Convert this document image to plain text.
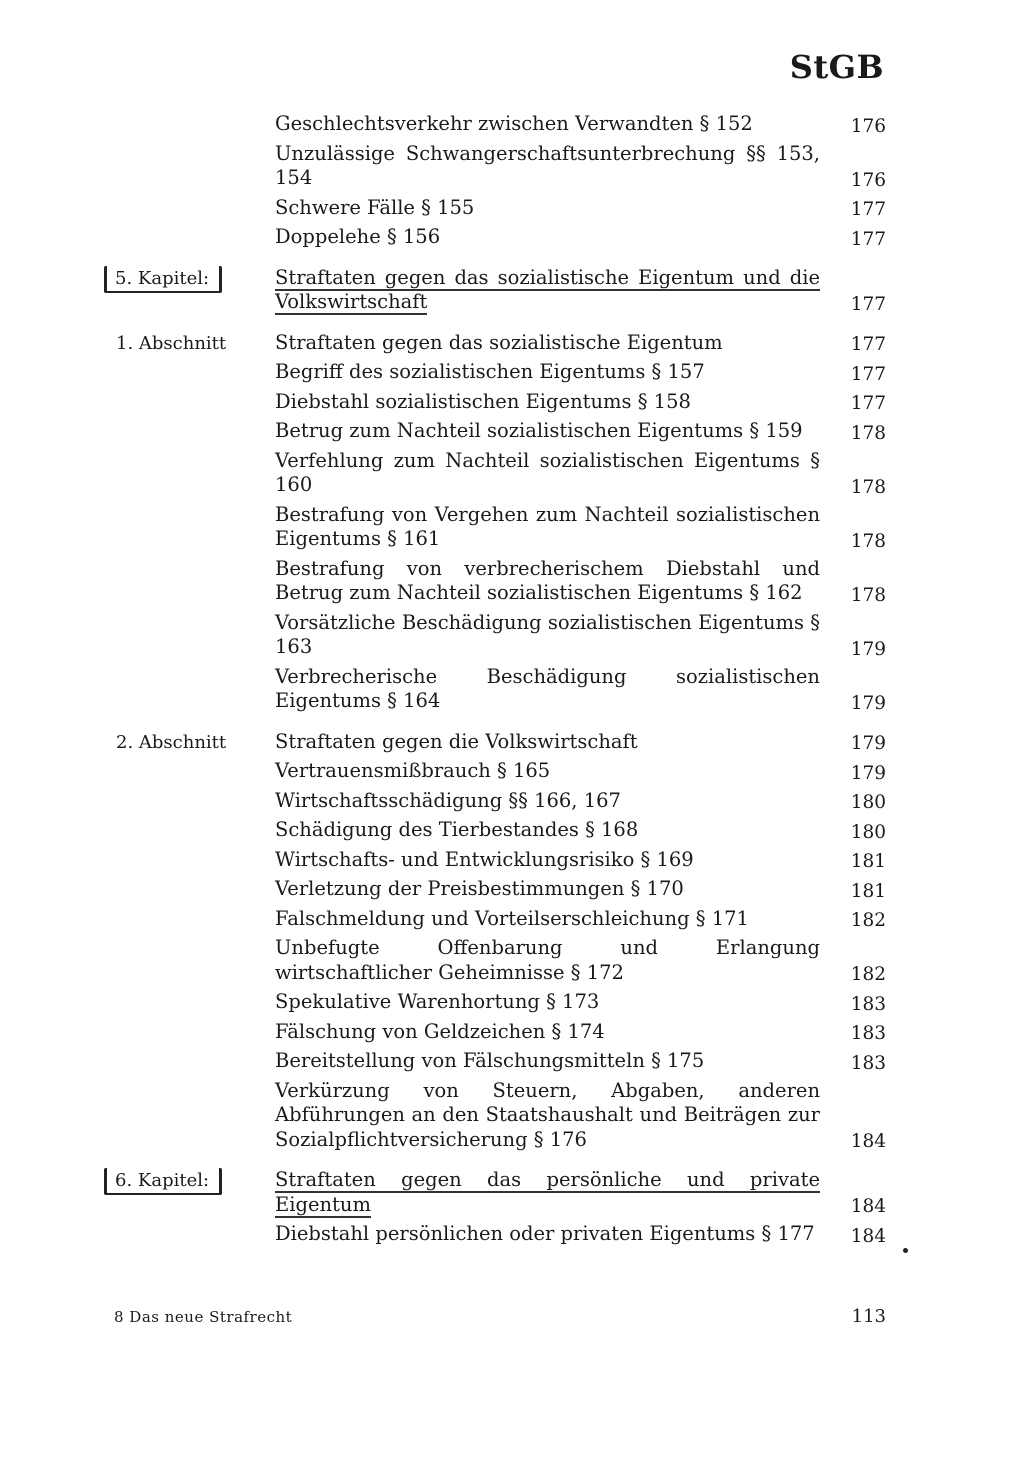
StGB
Geschlechtsverkehr zwischen Verwandten § 152	176
Unzulässige Schwangerschaftsunterbrechung §§ 153, 154	176
Schwere Fälle § 155	177
Doppelehe § 156	177
5. Kapitel:	Straftaten gegen das sozialistische Eigentum und die Volkswirtschaft	177
1. Abschnitt	Straftaten gegen das sozialistische Eigentum	177
Begriff des sozialistischen Eigentums § 157	177
Diebstahl sozialistischen Eigentums § 158	177
Betrug zum Nachteil sozialistischen Eigentums § 159	178
Verfehlung zum Nachteil sozialistischen Eigentums § 160	178
Bestrafung von Vergehen zum Nachteil sozialistischen Eigentums § 161	178
Bestrafung von verbrecherischem Diebstahl und Betrug zum Nachteil sozialistischen Eigentums § 162	178
Vorsätzliche Beschädigung sozialistischen Eigentums § 163	179
Verbrecherische Beschädigung sozialistischen Eigentums § 164	179
2. Abschnitt	Straftaten gegen die Volkswirtschaft	179
Vertrauensmißbrauch § 165	179
Wirtschaftsschädigung §§ 166, 167	180
Schädigung des Tierbestandes § 168	180
Wirtschafts- und Entwicklungsrisiko § 169	181
Verletzung der Preisbestimmungen § 170	181
Falschmeldung und Vorteilserschleichung § 171	182
Unbefugte Offenbarung und Erlangung wirtschaftlicher Geheimnisse § 172	182
Spekulative Warenhortung § 173	183
Fälschung von Geldzeichen § 174	183
Bereitstellung von Fälschungsmitteln § 175	183
Verkürzung von Steuern, Abgaben, anderen Abführungen an den Staatshaushalt und Beiträgen zur Sozialpflichtversicherung § 176	184
6. Kapitel:	Straftaten gegen das persönliche und private Eigentum	184
Diebstahl persönlichen oder privaten Eigentums § 177 184
8 Das neue Strafrecht	113
